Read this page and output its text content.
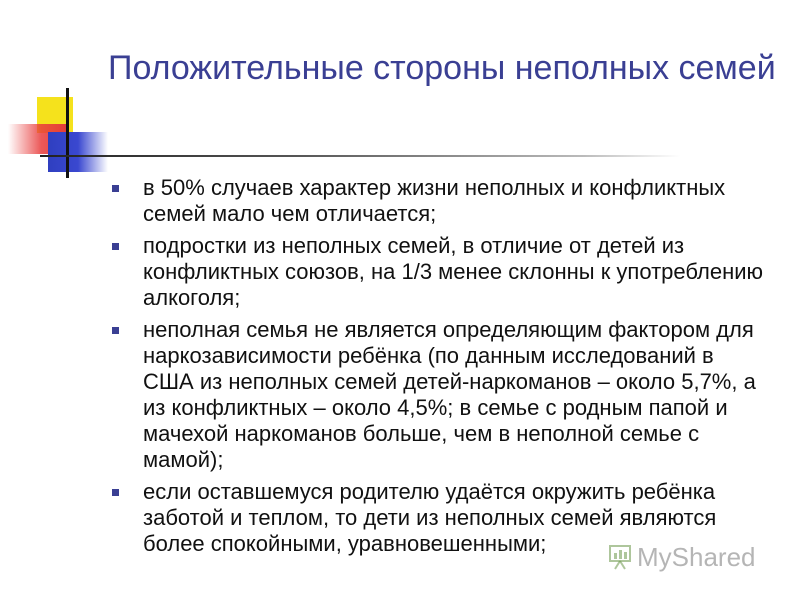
Положительные стороны неполных семей
в 50% случаев характер жизни неполных и конфликтных семей мало чем отличается;
подростки из неполных семей, в отличие от детей из конфликтных союзов, на 1/3 менее склонны к употреблению алкоголя;
неполная семья не является определяющим фактором для наркозависимости ребёнка (по данным исследований в США из неполных семей детей-наркоманов – около 5,7%, а из конфликтных – около 4,5%; в семье с родным папой и мачехой наркоманов больше, чем в неполной семье с мамой);
если оставшемуся родителю удаётся окружить ребёнка заботой и теплом, то дети из неполных семей являются более спокойными, уравновешенными;	MyShared
